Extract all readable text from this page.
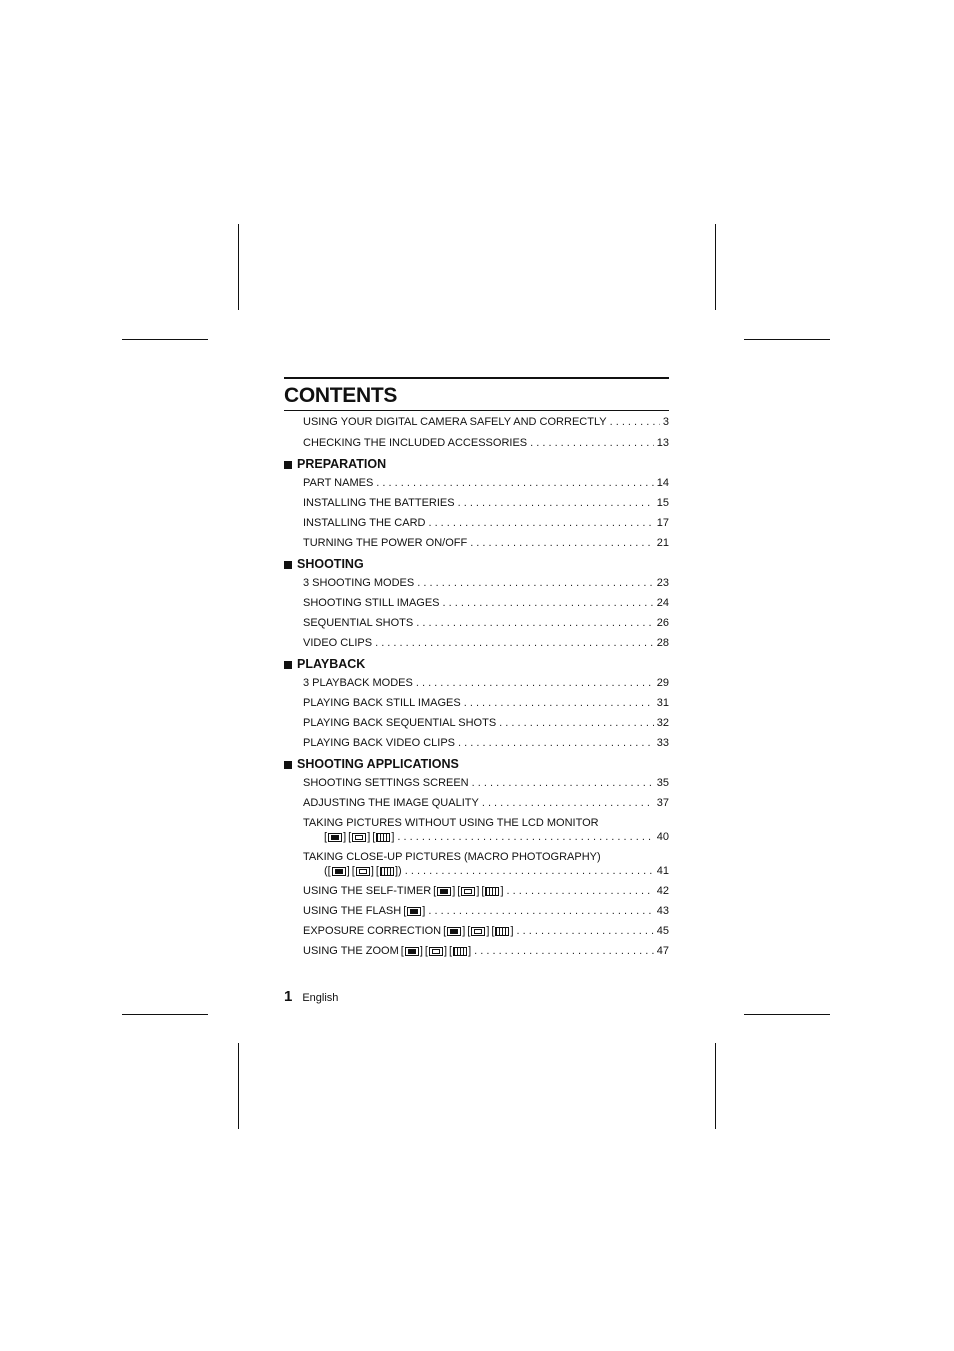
CONTENTS
USING YOUR DIGITAL CAMERA SAFELY AND CORRECTLY . . .	3
CHECKING THE INCLUDED ACCESSORIES . . .	13
PREPARATION
PART NAMES . . .	14
INSTALLING THE BATTERIES . . .	15
INSTALLING THE CARD . . .	17
TURNING THE POWER ON/OFF . . .	21
SHOOTING
3 SHOOTING MODES . . .	23
SHOOTING STILL IMAGES . . .	24
SEQUENTIAL SHOTS . . .	26
VIDEO CLIPS . . .	28
PLAYBACK
3 PLAYBACK MODES . . .	29
PLAYING BACK STILL IMAGES . . .	31
PLAYING BACK SEQUENTIAL SHOTS . . .	32
PLAYING BACK VIDEO CLIPS . . .	33
SHOOTING APPLICATIONS
SHOOTING SETTINGS SCREEN . . .	35
ADJUSTING THE IMAGE QUALITY . . .	37
TAKING PICTURES WITHOUT USING THE LCD MONITOR
[ ] [ ] [ ] . . .	40
TAKING CLOSE-UP PICTURES (MACRO PHOTOGRAPHY)
([ ] [ ] [ ]) . . .	41
USING THE SELF-TIMER [ ] [ ] [ ] . . .	42
USING THE FLASH [ ] . . .	43
EXPOSURE CORRECTION [ ] [ ] [ ] . . .	45
USING THE ZOOM [ ] [ ] [ ] . . .	47
1 English
